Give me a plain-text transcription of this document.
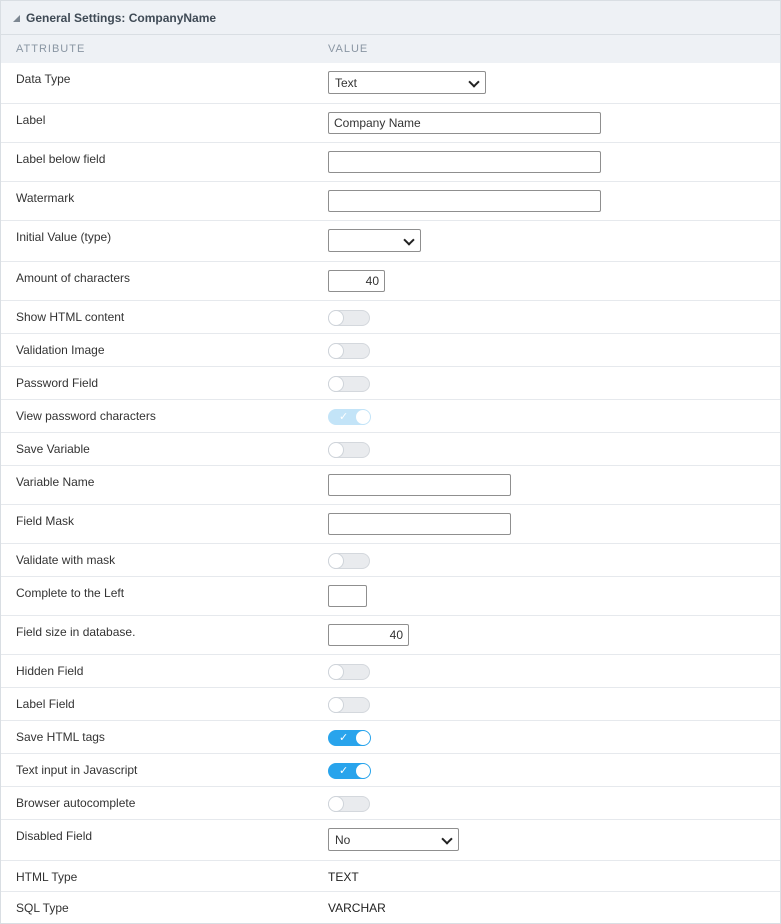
General Settings: CompanyName
ATTRIBUTE	VALUE
Data Type	Text
Label	Company Name
Label below field
Watermark
Initial Value (type)
Amount of characters	40
Show HTML content
Validation Image
Password Field
View password characters	✓
Save Variable
Variable Name
Field Mask
Validate with mask
Complete to the Left
Field size in database.	40
Hidden Field
Label Field
Save HTML tags	✓
Text input in Javascript	✓
Browser autocomplete
Disabled Field	No
HTML Type	TEXT
SQL Type	VARCHAR
